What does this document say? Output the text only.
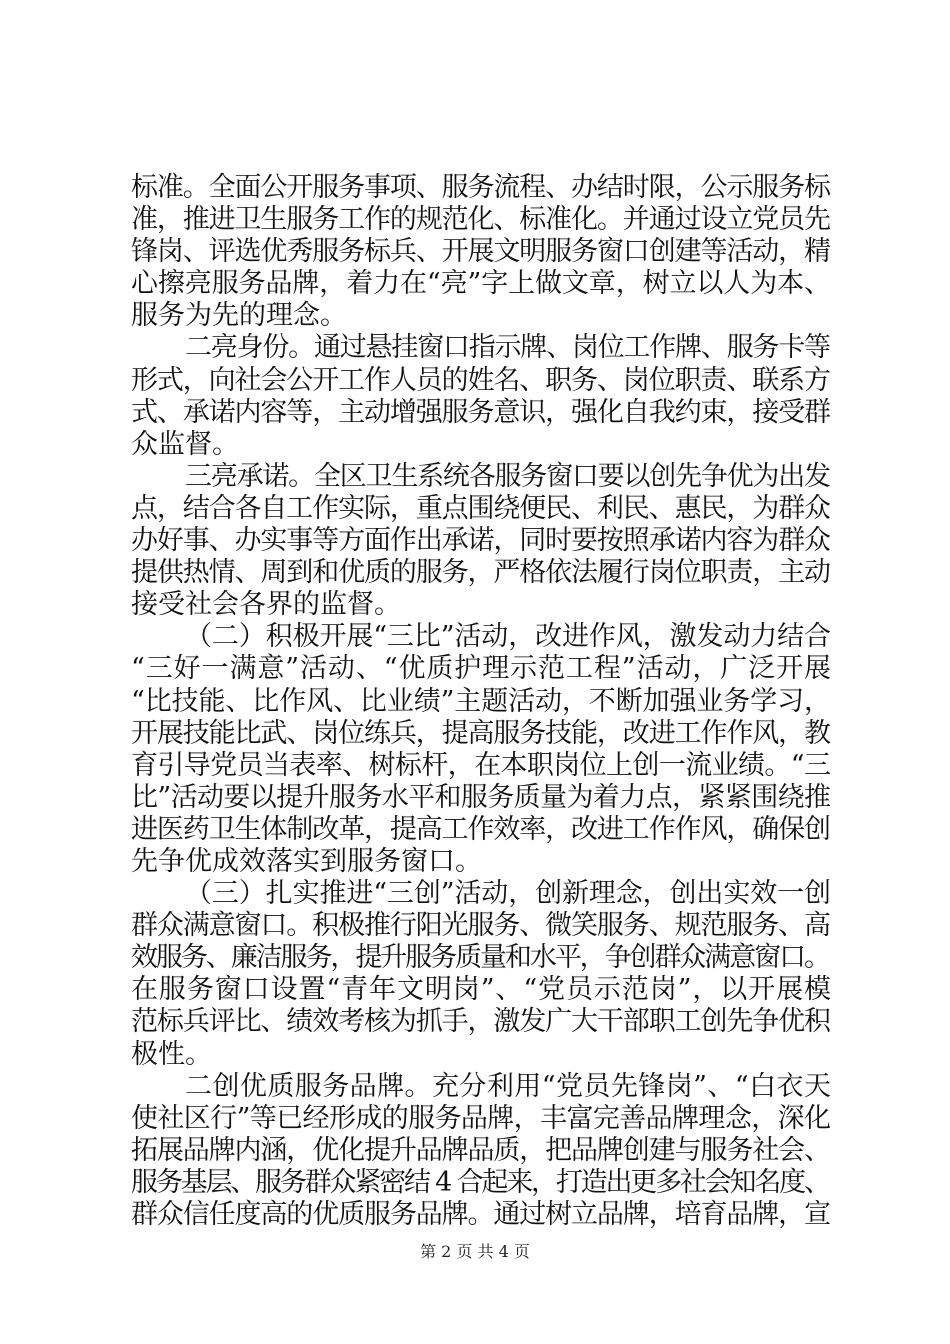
标准。全面公开服务事项、服务流程、办结时限，公示服务标
准，推进卫生服务工作的规范化、标准化。并通过设立党员先
锋岗、评选优秀服务标兵、开展文明服务窗口创建等活动，精
心擦亮服务品牌，着力在“亮”字上做文章，树立以人为本、
服务为先的理念。
二亮身份。通过悬挂窗口指示牌、岗位工作牌、服务卡等
形式，向社会公开工作人员的姓名、职务、岗位职责、联系方
式、承诺内容等，主动增强服务意识，强化自我约束，接受群
众监督。
三亮承诺。全区卫生系统各服务窗口要以创先争优为出发
点，结合各自工作实际，重点围绕便民、利民、惠民，为群众
办好事、办实事等方面作出承诺，同时要按照承诺内容为群众
提供热情、周到和优质的服务，严格依法履行岗位职责，主动
接受社会各界的监督。
（二）积极开展“三比”活动，改进作风，激发动力结合
“三好一满意”活动、“优质护理示范工程”活动，广泛开展
“比技能、比作风、比业绩”主题活动，不断加强业务学习，
开展技能比武、岗位练兵，提高服务技能，改进工作作风，教
育引导党员当表率、树标杆，在本职岗位上创一流业绩。“三
比”活动要以提升服务水平和服务质量为着力点，紧紧围绕推
进医药卫生体制改革，提高工作效率，改进工作作风，确保创
先争优成效落实到服务窗口。
（三）扎实推进“三创”活动，创新理念，创出实效一创
群众满意窗口。积极推行阳光服务、微笑服务、规范服务、高
效服务、廉洁服务，提升服务质量和水平，争创群众满意窗口。
在服务窗口设置“青年文明岗”、“党员示范岗”，以开展模
范标兵评比、绩效考核为抓手，激发广大干部职工创先争优积
极性。
二创优质服务品牌。充分利用“党员先锋岗”、“白衣天
使社区行”等已经形成的服务品牌，丰富完善品牌理念，深化
拓展品牌内涵，优化提升品牌品质，把品牌创建与服务社会、
服务基层、服务群众紧密结 4 合起来，打造出更多社会知名度、
群众信任度高的优质服务品牌。通过树立品牌，培育品牌，宣
第 2 页 共 4 页
